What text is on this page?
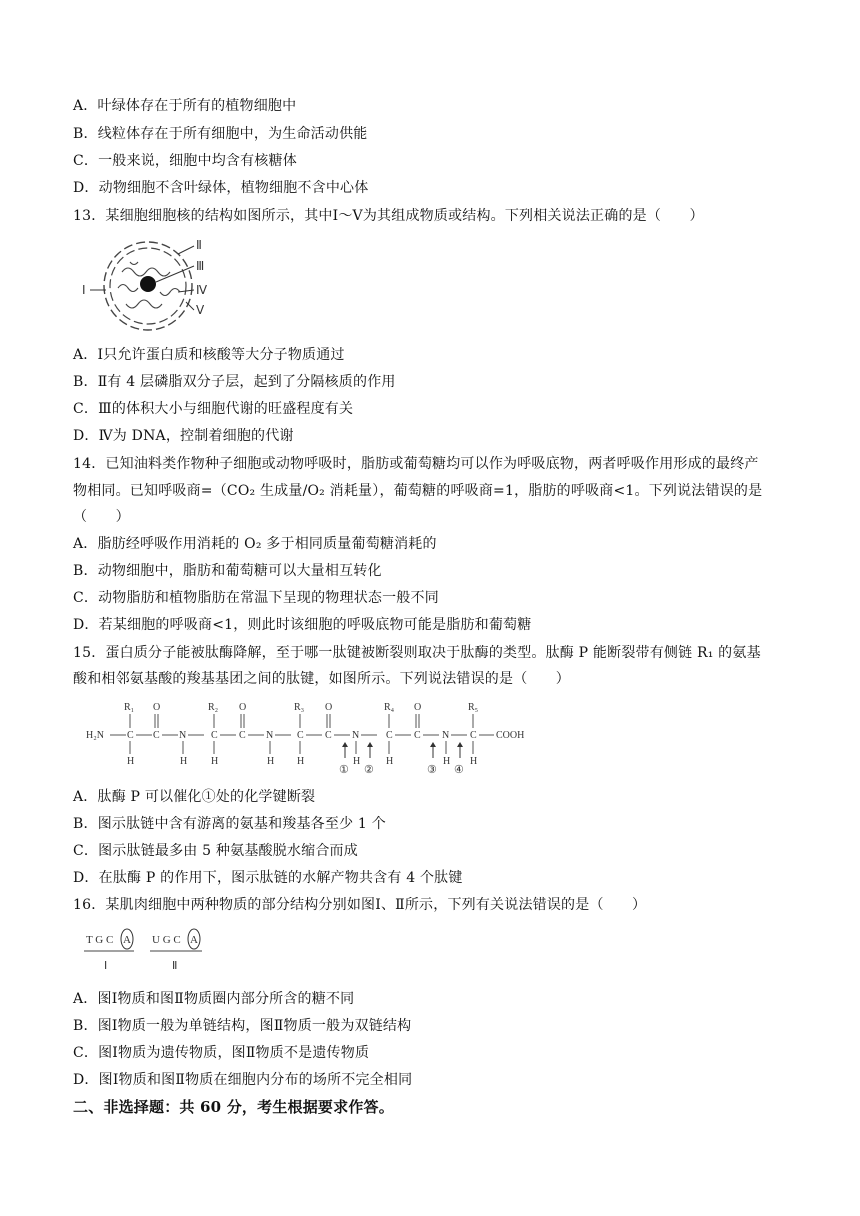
A．叶绿体存在于所有的植物细胞中
B．线粒体存在于所有细胞中，为生命活动供能
C．一般来说，细胞中均含有核糖体
D．动物细胞不含叶绿体，植物细胞不含中心体
13．某细胞细胞核的结构如图所示，其中Ⅰ～Ⅴ为其组成物质或结构。下列相关说法正确的是（　　）
Ⅰ
Ⅱ
Ⅲ
Ⅳ
Ⅴ
A．Ⅰ只允许蛋白质和核酸等大分子物质通过
B．Ⅱ有 4 层磷脂双分子层，起到了分隔核质的作用
C．Ⅲ的体积大小与细胞代谢的旺盛程度有关
D．Ⅳ为 DNA，控制着细胞的代谢
14．已知油料类作物种子细胞或动物呼吸时，脂肪或葡萄糖均可以作为呼吸底物，两者呼吸作用形成的最终产
物相同。已知呼吸商=（CO₂ 生成量/O₂ 消耗量），葡萄糖的呼吸商=1，脂肪的呼吸商<1。下列说法错误的是
（　　）
A．脂肪经呼吸作用消耗的 O₂ 多于相同质量葡萄糖消耗的
B．动物细胞中，脂肪和葡萄糖可以大量相互转化
C．动物脂肪和植物脂肪在常温下呈现的物理状态一般不同
D．若某细胞的呼吸商<1，则此时该细胞的呼吸底物可能是脂肪和葡萄糖
15．蛋白质分子能被肽酶降解，至于哪一肽键被断裂则取决于肽酶的类型。肽酶 P 能断裂带有侧链 R₁ 的氨基
酸和相邻氨基酸的羧基基团之间的肽键，如图所示。下列说法错误的是（　　）
H₂N
R₁
C
H
O
C N
H
R₂
C
H
O
C N
H
R₃
C
H
O
C N
H
R₄
C
H
O
C N
H
R₅
C
H
COOH
① ②	③ ④
A．肽酶 P 可以催化①处的化学键断裂
B．图示肽链中含有游离的氨基和羧基各至少 1 个
C．图示肽链最多由 5 种氨基酸脱水缩合而成
D．在肽酶 P 的作用下，图示肽链的水解产物共含有 4 个肽键
16．某肌肉细胞中两种物质的部分结构分别如图Ⅰ、Ⅱ所示，下列有关说法错误的是（　　）
T G C A
Ⅰ
U G C A
Ⅱ
A．图Ⅰ物质和图Ⅱ物质圈内部分所含的糖不同
B．图Ⅰ物质一般为单链结构，图Ⅱ物质一般为双链结构
C．图Ⅰ物质为遗传物质，图Ⅱ物质不是遗传物质
D．图Ⅰ物质和图Ⅱ物质在细胞内分布的场所不完全相同
二、非选择题：共 60 分，考生根据要求作答。
